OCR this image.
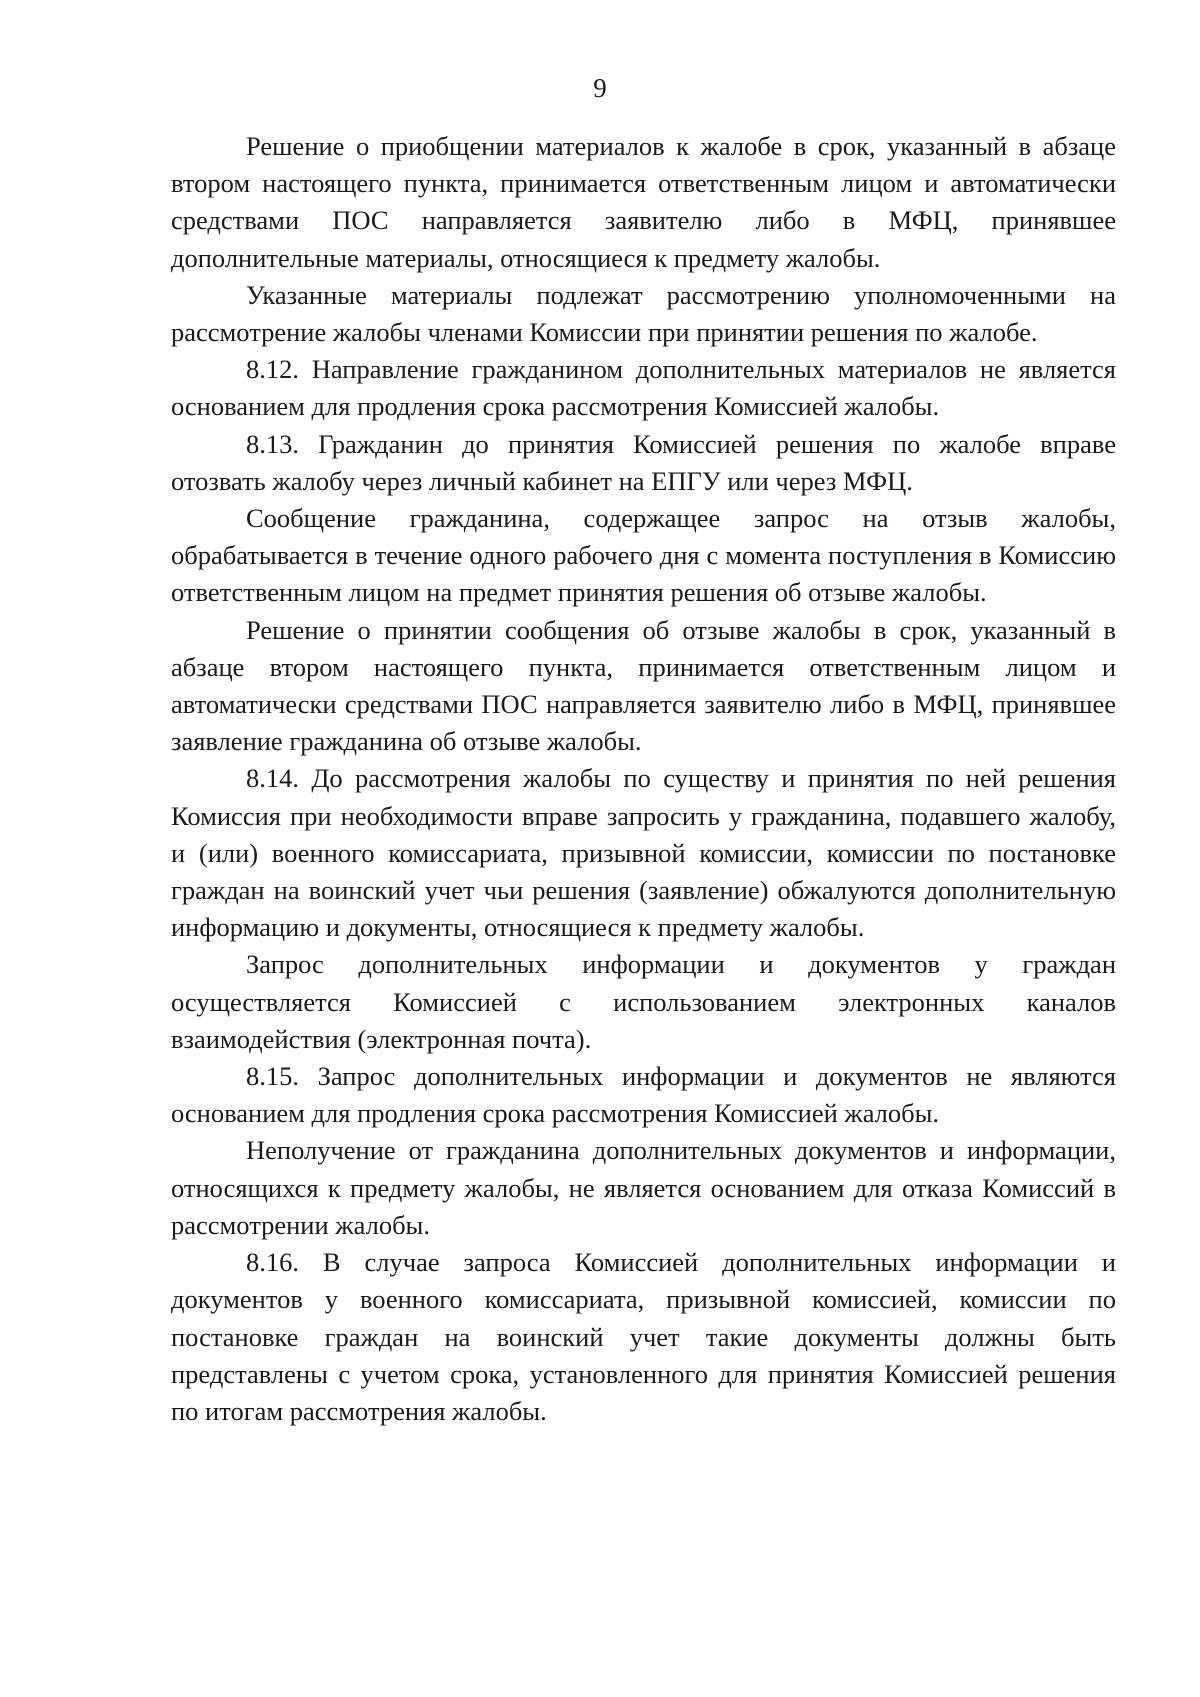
9

Решение о приобщении материалов к жалобе в срок, указанный в абзаце втором настоящего пункта, принимается ответственным лицом и автоматически средствами ПОС направляется заявителю либо в МФЦ, принявшее дополнительные материалы, относящиеся к предмету жалобы.

Указанные материалы подлежат рассмотрению уполномоченными на рассмотрение жалобы членами Комиссии при принятии решения по жалобе.

8.12. Направление гражданином дополнительных материалов не является основанием для продления срока рассмотрения Комиссией жалобы.

8.13. Гражданин до принятия Комиссией решения по жалобе вправе отозвать жалобу через личный кабинет на ЕПГУ или через МФЦ.

Сообщение гражданина, содержащее запрос на отзыв жалобы, обрабатывается в течение одного рабочего дня с момента поступления в Комиссию ответственным лицом на предмет принятия решения об отзыве жалобы.

Решение о принятии сообщения об отзыве жалобы в срок, указанный в абзаце втором настоящего пункта, принимается ответственным лицом и автоматически средствами ПОС направляется заявителю либо в МФЦ, принявшее заявление гражданина об отзыве жалобы.

8.14. До рассмотрения жалобы по существу и принятия по ней решения Комиссия при необходимости вправе запросить у гражданина, подавшего жалобу, и (или) военного комиссариата, призывной комиссии, комиссии по постановке граждан на воинский учет чьи решения (заявление) обжалуются дополнительную информацию и документы, относящиеся к предмету жалобы.

Запрос дополнительных информации и документов у граждан осуществляется Комиссией с использованием электронных каналов взаимодействия (электронная почта).

8.15. Запрос дополнительных информации и документов не являются основанием для продления срока рассмотрения Комиссией жалобы.

Неполучение от гражданина дополнительных документов и информации, относящихся к предмету жалобы, не является основанием для отказа Комиссий в рассмотрении жалобы.

8.16. В случае запроса Комиссией дополнительных информации и документов у военного комиссариата, призывной комиссией, комиссии по постановке граждан на воинский учет такие документы должны быть представлены с учетом срока, установленного для принятия Комиссией решения по итогам рассмотрения жалобы.
